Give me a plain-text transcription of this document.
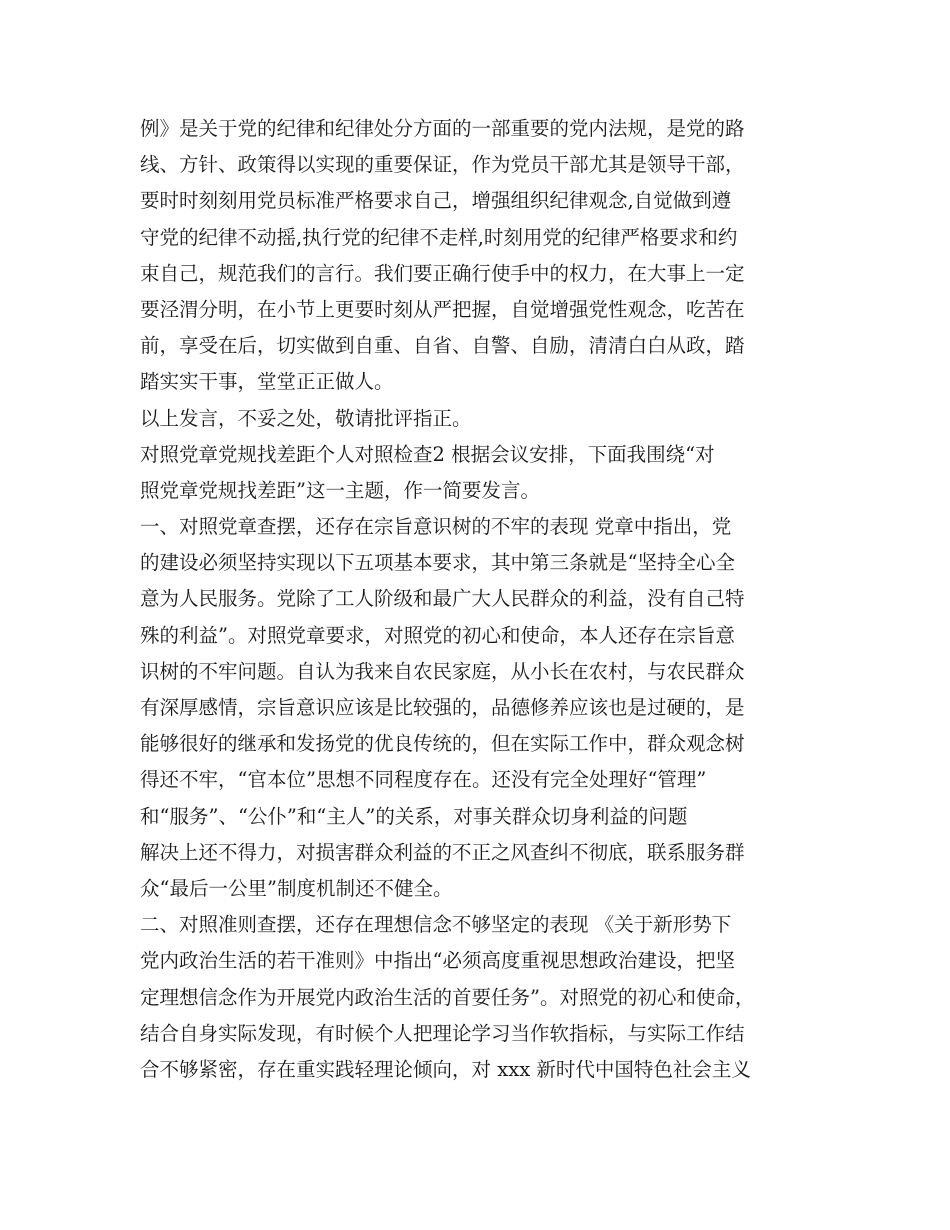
例》是关于党的纪律和纪律处分方面的一部重要的党内法规，是党的路
线、方针、政策得以实现的重要保证，作为党员干部尤其是领导干部，
要时时刻刻用党员标准严格要求自己，增强组织纪律观念,自觉做到遵
守党的纪律不动摇,执行党的纪律不走样,时刻用党的纪律严格要求和约
束自己，规范我们的言行。我们要正确行使手中的权力，在大事上一定
要泾渭分明，在小节上更要时刻从严把握，自觉增强党性观念，吃苦在
前，享受在后，切实做到自重、自省、自警、自励，清清白白从政，踏
踏实实干事，堂堂正正做人。
以上发言，不妥之处，敬请批评指正。
对照党章党规找差距个人对照检查2 根据会议安排，下面我围绕“对
照党章党规找差距”这一主题，作一简要发言。
一、对照党章查摆，还存在宗旨意识树的不牢的表现 党章中指出，党
的建设必须坚持实现以下五项基本要求，其中第三条就是“坚持全心全
意为人民服务。党除了工人阶级和最广大人民群众的利益，没有自己特
殊的利益”。对照党章要求，对照党的初心和使命，本人还存在宗旨意
识树的不牢问题。自认为我来自农民家庭，从小长在农村，与农民群众
有深厚感情，宗旨意识应该是比较强的，品德修养应该也是过硬的，是
能够很好的继承和发扬党的优良传统的，但在实际工作中，群众观念树
得还不牢，“官本位”思想不同程度存在。还没有完全处理好“管理”
和“服务”、“公仆”和“主人”的关系，对事关群众切身利益的问题
解决上还不得力，对损害群众利益的不正之风查纠不彻底，联系服务群
众“最后一公里”制度机制还不健全。
二、对照准则查摆，还存在理想信念不够坚定的表现 《关于新形势下
党内政治生活的若干准则》中指出“必须高度重视思想政治建设，把坚
定理想信念作为开展党内政治生活的首要任务”。对照党的初心和使命，
结合自身实际发现，有时候个人把理论学习当作软指标，与实际工作结
合不够紧密，存在重实践轻理论倾向，对 xxx 新时代中国特色社会主义
